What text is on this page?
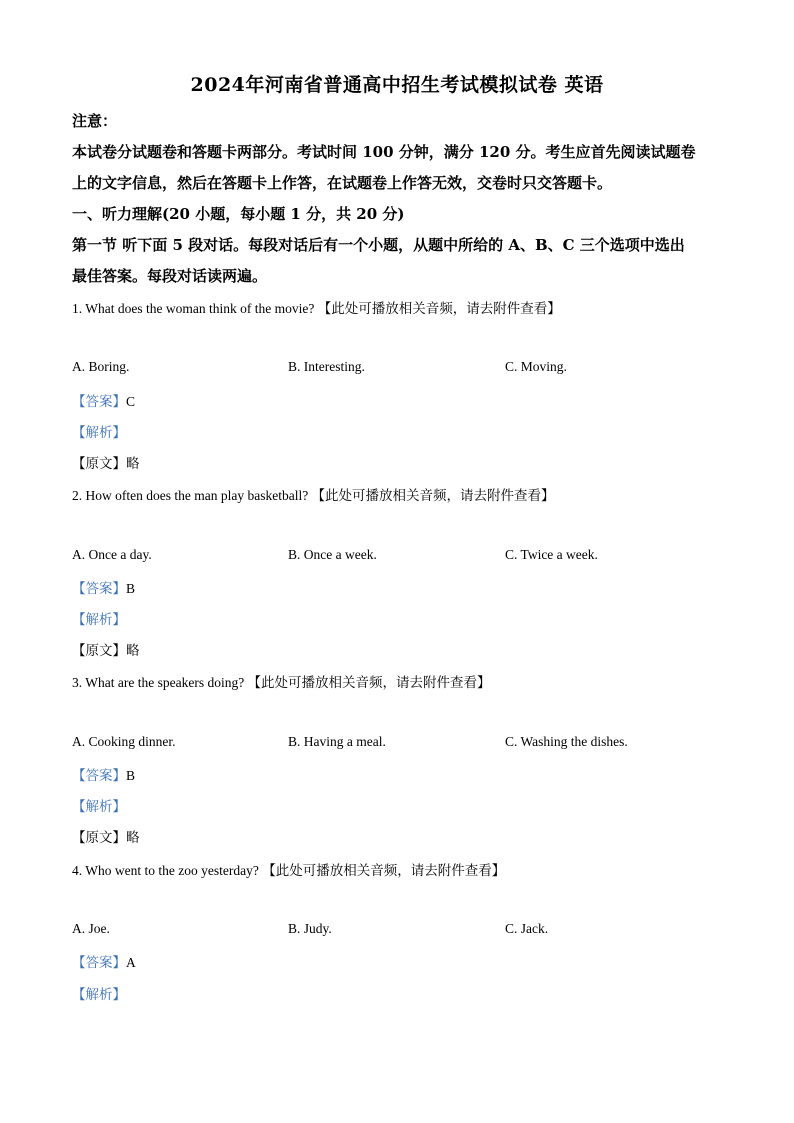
2024年河南省普通高中招生考试模拟试卷 英语
注意：
本试卷分试题卷和答题卡两部分。考试时间 100 分钟，满分 120 分。考生应首先阅读试题卷
上的文字信息，然后在答题卡上作答，在试题卷上作答无效，交卷时只交答题卡。
一、听力理解(20 小题，每小题 1 分，共 20 分)
第一节 听下面 5 段对话。每段对话后有一个小题，从题中所给的 A、B、C 三个选项中选出
最佳答案。每段对话读两遍。
1. What does the woman think of the movie? 【此处可播放相关音频，请去附件查看】
A. Boring.	B. Interesting.	C. Moving.
【答案】C
【解析】
【原文】略
2. How often does the man play basketball? 【此处可播放相关音频，请去附件查看】
A. Once a day.	B. Once a week.	C. Twice a week.
【答案】B
【解析】
【原文】略
3. What are the speakers doing? 【此处可播放相关音频，请去附件查看】
A. Cooking dinner.	B. Having a meal.	C. Washing the dishes.
【答案】B
【解析】
【原文】略
4. Who went to the zoo yesterday? 【此处可播放相关音频，请去附件查看】
A. Joe.	B. Judy.	C. Jack.
【答案】A
【解析】
